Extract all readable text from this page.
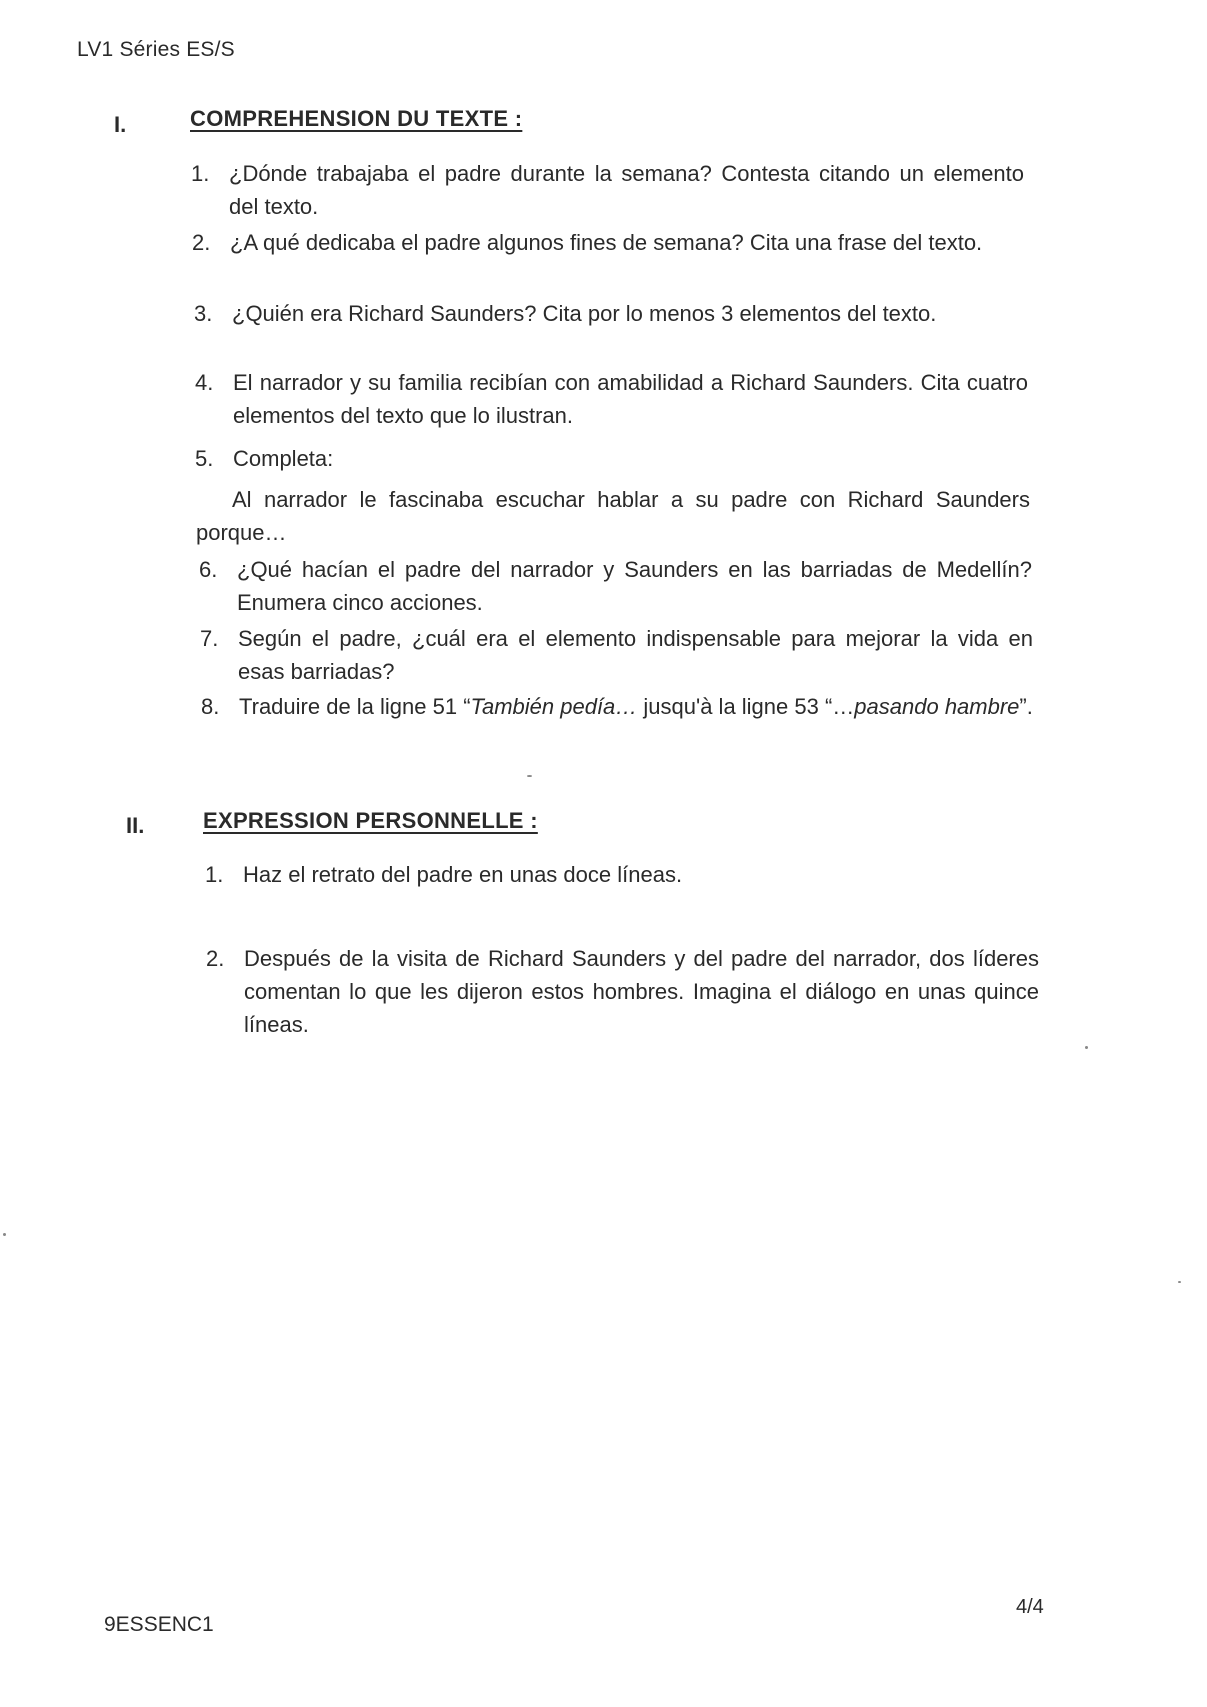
LV1 Séries ES/S
I.	COMPREHENSION DU TEXTE :
1. ¿Dónde trabajaba el padre durante la semana? Contesta citando un elemento del texto.
2. ¿A qué dedicaba el padre algunos fines de semana? Cita una frase del texto.
3. ¿Quién era Richard Saunders? Cita por lo menos 3 elementos del texto.
4. El narrador y su familia recibían con amabilidad a Richard Saunders. Cita cuatro elementos del texto que lo ilustran.
5. Completa:
Al narrador le fascinaba escuchar hablar a su padre con Richard Saunders porque…
6. ¿Qué hacían el padre del narrador y Saunders en las barriadas de Medellín? Enumera cinco acciones.
7. Según el padre, ¿cuál era el elemento indispensable para mejorar la vida en esas barriadas?
8. Traduire de la ligne 51 “También pedía… jusqu'à la ligne 53 “…pasando hambre”.
II.	EXPRESSION PERSONNELLE :
1. Haz el retrato del padre en unas doce líneas.
2. Después de la visita de Richard Saunders y del padre del narrador, dos líderes comentan lo que les dijeron estos hombres. Imagina el diálogo en unas quince líneas.
9ESSENC1
4/4
